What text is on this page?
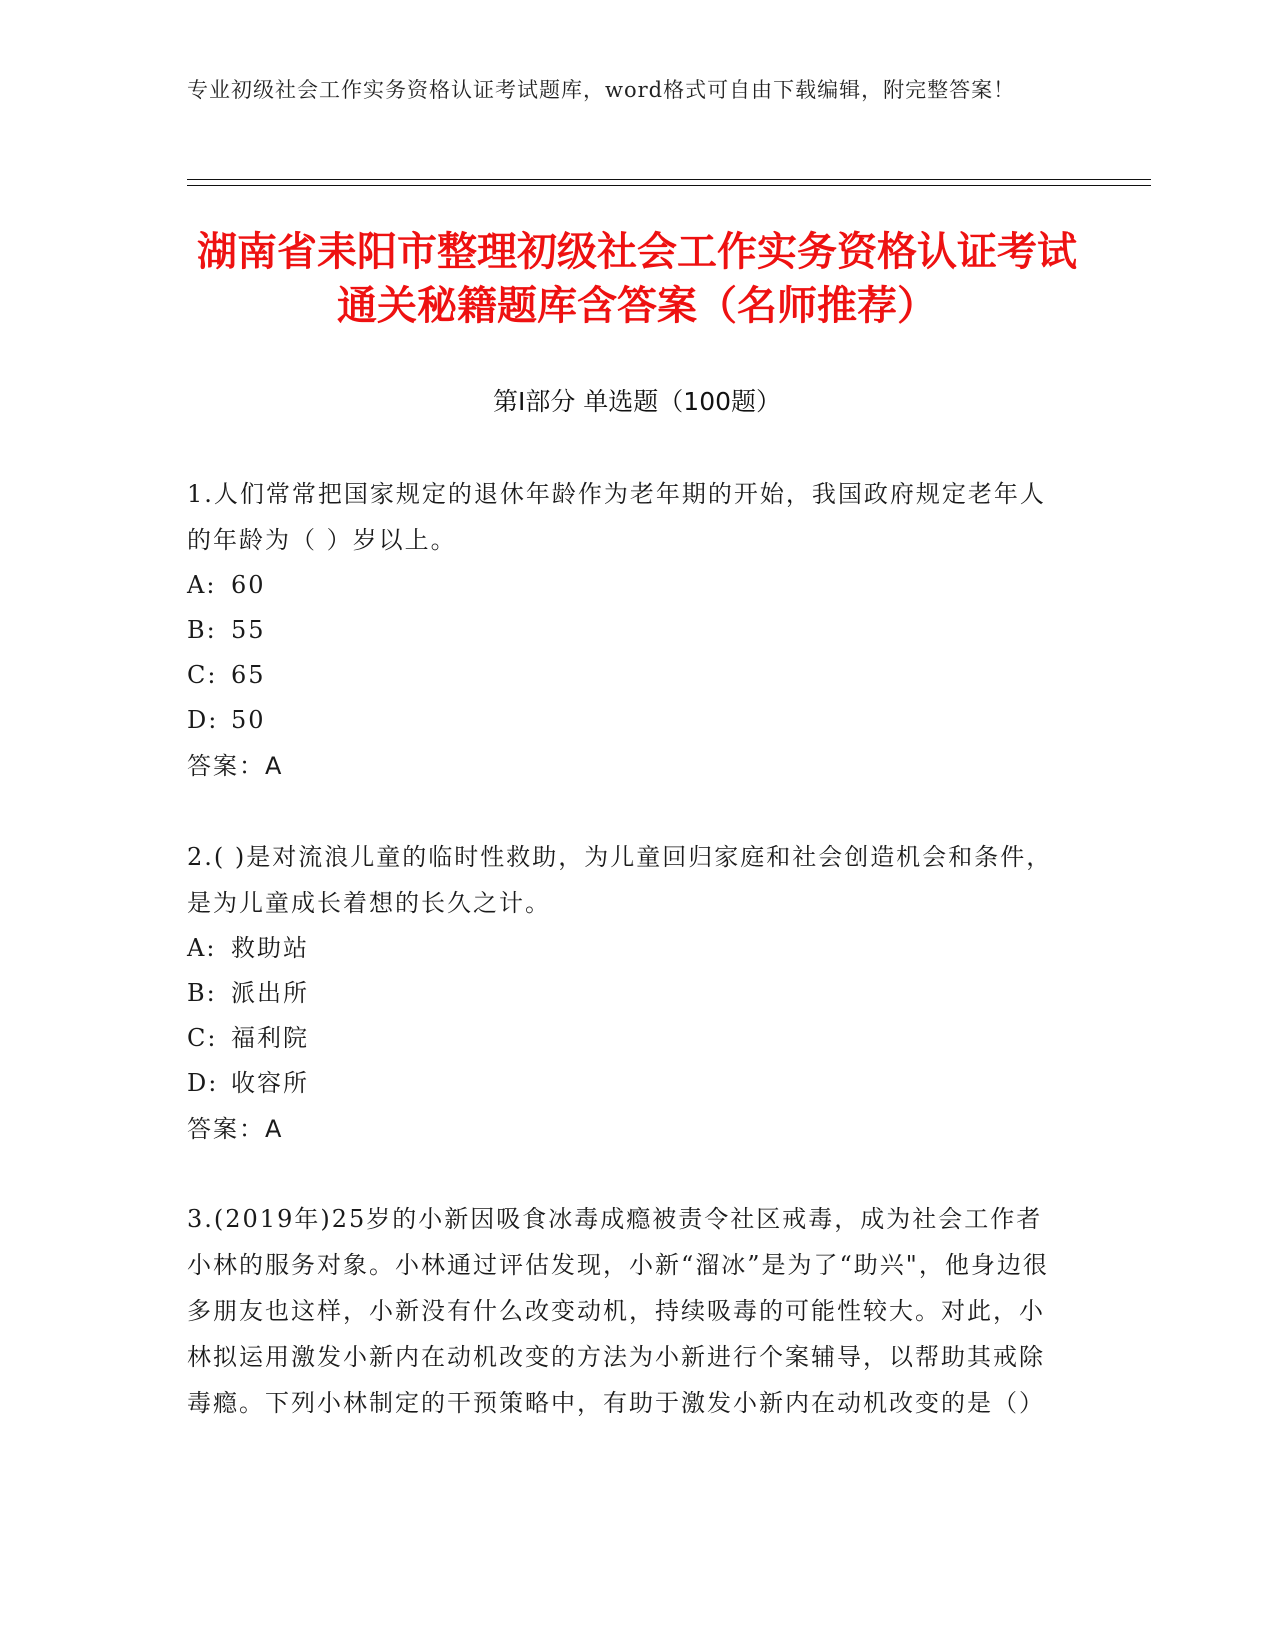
专业初级社会工作实务资格认证考试题库，word格式可自由下载编辑，附完整答案！
湖南省耒阳市整理初级社会工作实务资格认证考试通关秘籍题库含答案（名师推荐）
第Ⅰ部分 单选题（100题）
1.人们常常把国家规定的退休年龄作为老年期的开始，我国政府规定老年人的年龄为（ ）岁以上。
A: 60
B: 55
C: 65
D: 50
答案：A
2.( )是对流浪儿童的临时性救助，为儿童回归家庭和社会创造机会和条件，是为儿童成长着想的长久之计。
A: 救助站
B: 派出所
C: 福利院
D: 收容所
答案：A
3.(2019年)25岁的小新因吸食冰毒成瘾被责令社区戒毒，成为社会工作者小林的服务对象。小林通过评估发现，小新“溜冰”是为了“助兴"，他身边很多朋友也这样，小新没有什么改变动机，持续吸毒的可能性较大。对此，小林拟运用激发小新内在动机改变的方法为小新进行个案辅导，以帮助其戒除毒瘾。下列小林制定的干预策略中，有助于激发小新内在动机改变的是（）
